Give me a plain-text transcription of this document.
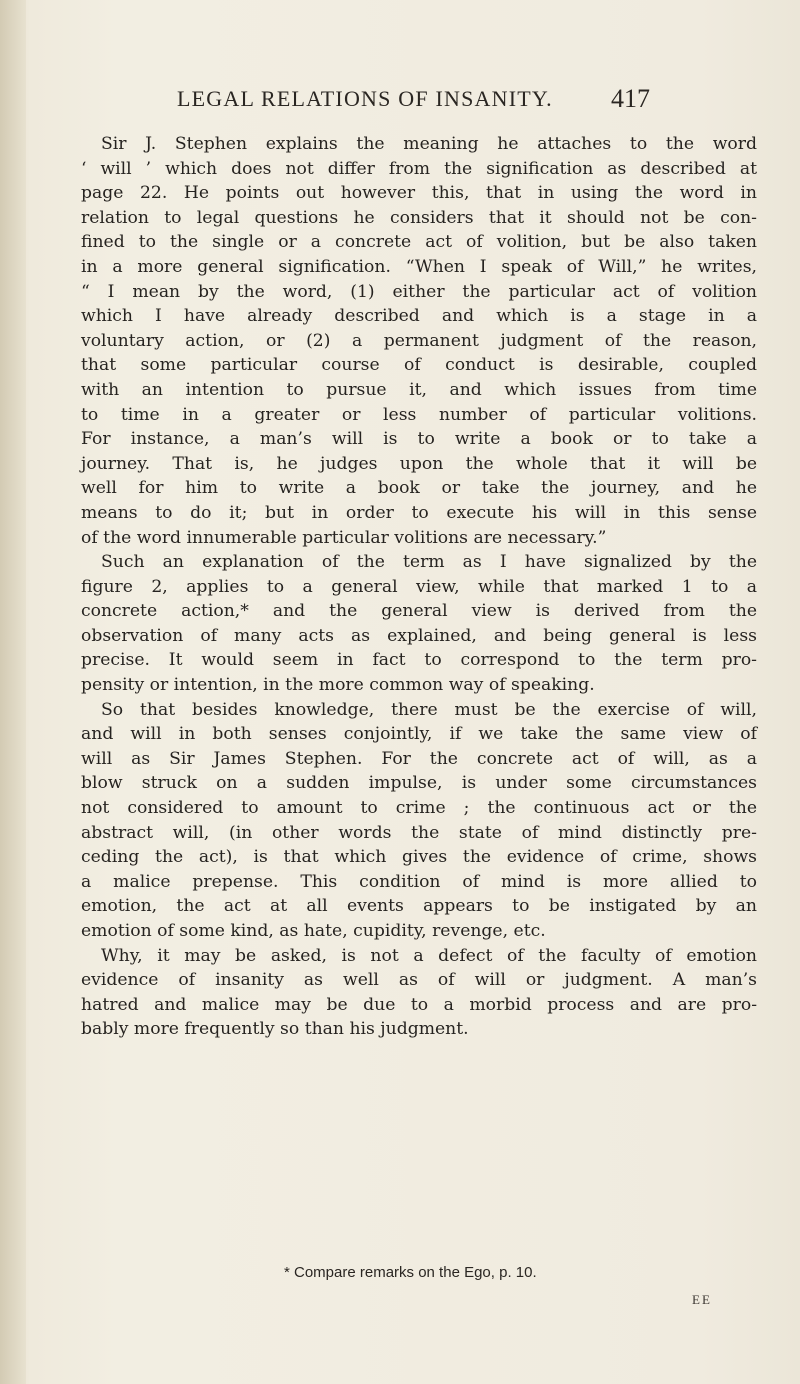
LEGAL RELATIONS OF INSANITY. 417
Sir J. Stephen explains the meaning he attaches to the word
‘ will ’ which does not differ from the signification as described at
page 22. He points out however this, that in using the word in
relation to legal questions he considers that it should not be con-
fined to the single or a concrete act of volition, but be also taken
in a more general signification. “When I speak of Will,” he writes,
“ I mean by the word, (1) either the particular act of volition
which I have already described and which is a stage in a
voluntary action, or (2) a permanent judgment of the reason,
that some particular course of conduct is desirable, coupled
with an intention to pursue it, and which issues from time
to time in a greater or less number of particular volitions.
For instance, a man’s will is to write a book or to take a
journey. That is, he judges upon the whole that it will be
well for him to write a book or take the journey, and he
means to do it; but in order to execute his will in this sense
of the word innumerable particular volitions are necessary.”
Such an explanation of the term as I have signalized by the
figure 2, applies to a general view, while that marked 1 to a
concrete action,* and the general view is derived from the
observation of many acts as explained, and being general is less
precise. It would seem in fact to correspond to the term pro-
pensity or intention, in the more common way of speaking.
So that besides knowledge, there must be the exercise of will,
and will in both senses conjointly, if we take the same view of
will as Sir James Stephen. For the concrete act of will, as a
blow struck on a sudden impulse, is under some circumstances
not considered to amount to crime ; the continuous act or the
abstract will, (in other words the state of mind distinctly pre-
ceding the act), is that which gives the evidence of crime, shows
a malice prepense. This condition of mind is more allied to
emotion, the act at all events appears to be instigated by an
emotion of some kind, as hate, cupidity, revenge, etc.
Why, it may be asked, is not a defect of the faculty of emotion
evidence of insanity as well as of will or judgment. A man’s
hatred and malice may be due to a morbid process and are pro-
bably more frequently so than his judgment.
* Compare remarks on the Ego, p. 10.
EE
